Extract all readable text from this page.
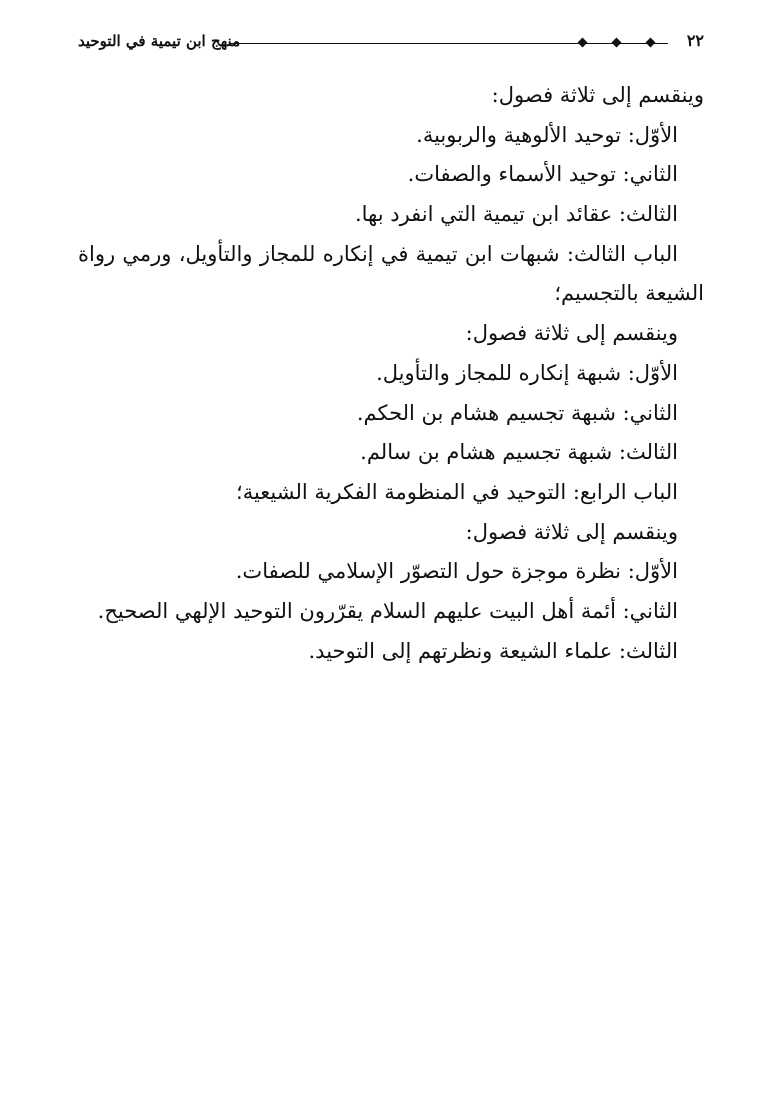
٢٢
منهج ابن تيمية في التوحيد
وينقسم إلى ثلاثة فصول:
الأوّل: توحيد الألوهية والربوبية.
الثاني: توحيد الأسماء والصفات.
الثالث: عقائد ابن تيمية التي انفرد بها.
الباب الثالث: شبهات ابن تيمية في إنكاره للمجاز والتأويل، ورمي رواة
الشيعة بالتجسيم؛
وينقسم إلى ثلاثة فصول:
الأوّل: شبهة إنكاره للمجاز والتأويل.
الثاني: شبهة تجسيم هشام بن الحكم.
الثالث: شبهة تجسيم هشام بن سالم.
الباب الرابع: التوحيد في المنظومة الفكرية الشيعية؛
وينقسم إلى ثلاثة فصول:
الأوّل: نظرة موجزة حول التصوّر الإسلامي للصفات.
الثاني: أئمة أهل البيت عليهم السلام يقرّرون التوحيد الإلهي الصحيح.
الثالث: علماء الشيعة ونظرتهم إلى التوحيد.
